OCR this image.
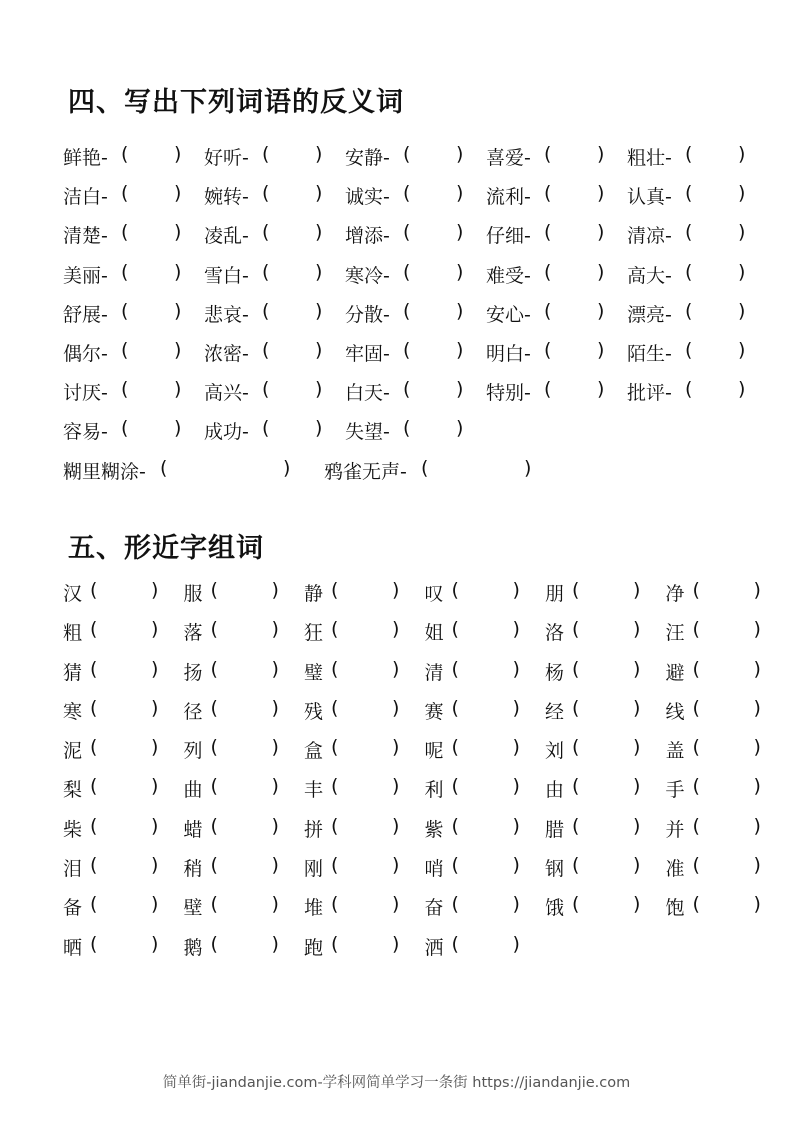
四、写出下列词语的反义词
鲜艳- ( ) 好听- ( ) 安静- ( ) 喜爱- ( ) 粗壮- ( )
洁白- ( ) 婉转- ( ) 诚实- ( ) 流利- ( ) 认真- ( )
清楚- ( ) 凌乱- ( ) 增添- ( ) 仔细- ( ) 清凉- ( )
美丽- ( ) 雪白- ( ) 寒冷- ( ) 难受- ( ) 高大- ( )
舒展- ( ) 悲哀- ( ) 分散- ( ) 安心- ( ) 漂亮- ( )
偶尔- ( ) 浓密- ( ) 牢固- ( ) 明白- ( ) 陌生- ( )
讨厌- ( ) 高兴- ( ) 白天- ( ) 特别- ( ) 批评- ( )
容易- ( ) 成功- ( ) 失望- ( )
糊里糊涂- (	) 鸦雀无声- (	)
五、形近字组词
汉 (	) 服 (	) 静 (	) 叹 (	) 朋 (	) 净 (	)
粗 (	) 落 (	) 狂 (	) 姐 (	) 洛 (	) 汪 (	)
猜 (	) 扬 (	) 璧 (	) 清 (	) 杨 (	) 避 (	)
寒 (	) 径 (	) 残 (	) 赛 (	) 经 (	) 线 (	)
泥 (	) 列 (	) 盒 (	) 呢 (	) 刘 (	) 盖 (	)
梨 (	) 曲 (	) 丰 (	) 利 (	) 由 (	) 手 (	)
柴 (	) 蜡 (	) 拼 (	) 紫 (	) 腊 (	) 并 (	)
泪 (	) 稍 (	) 刚 (	) 哨 (	) 钢 (	) 准 (	)
备 (	) 壁 (	) 堆 (	) 奋 (	) 饿 (	) 饱 (	)
晒 (	) 鹅 (	) 跑 (	) 洒 (	)
简单街-jiandanjie.com-学科网简单学习一条街 https://jiandanjie.com
